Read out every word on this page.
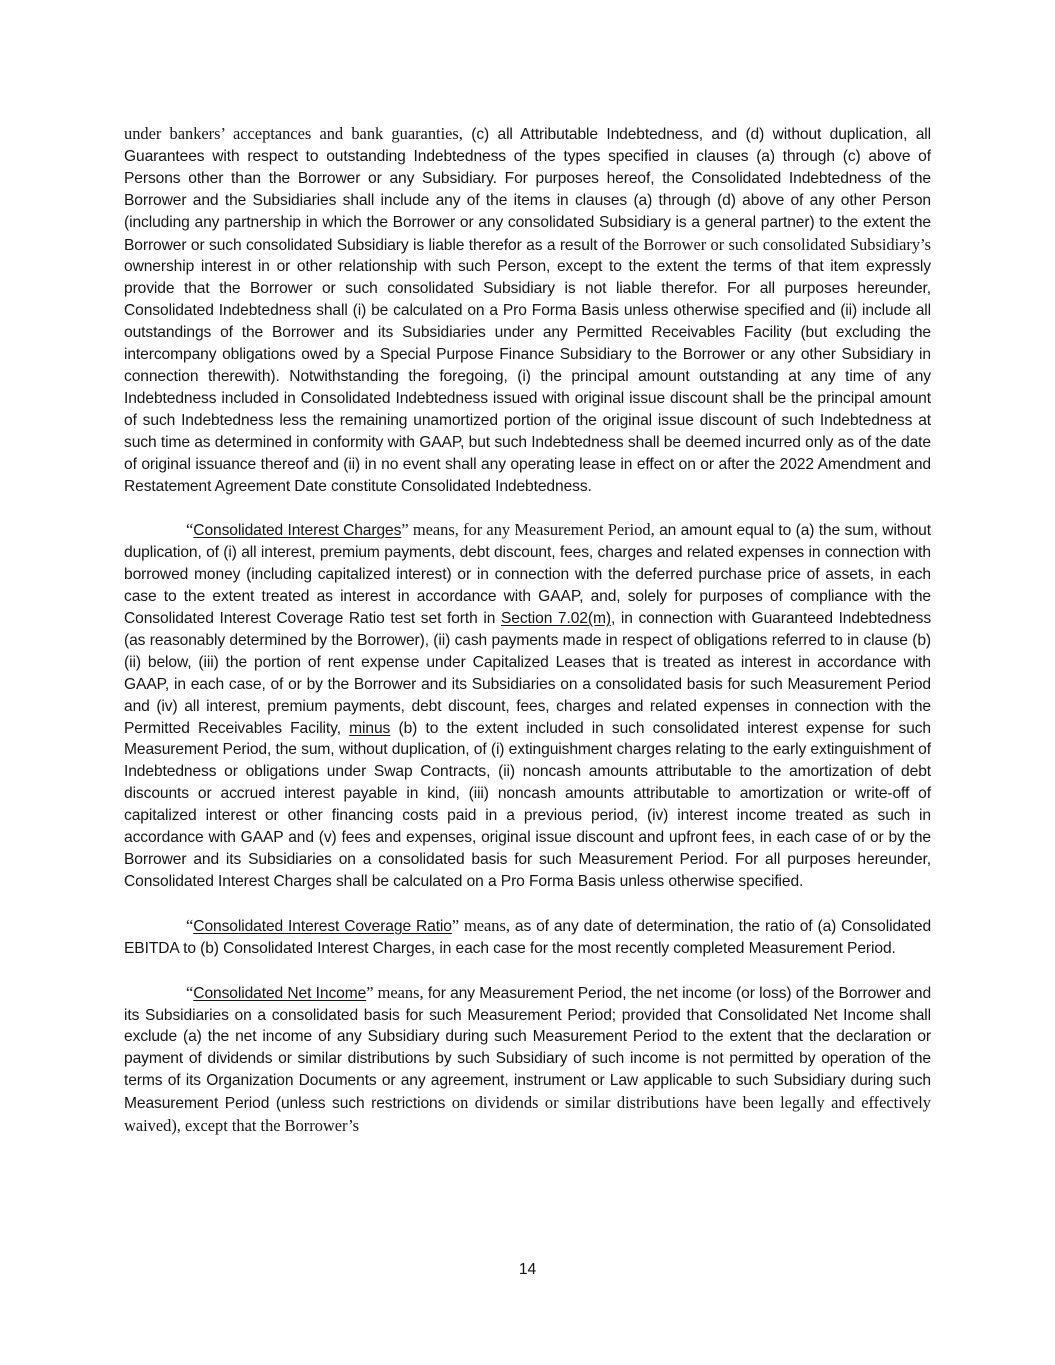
under bankers’ acceptances and bank guaranties, (c) all Attributable Indebtedness, and (d) without duplication, all Guarantees with respect to outstanding Indebtedness of the types specified in clauses (a) through (c) above of Persons other than the Borrower or any Subsidiary. For purposes hereof, the Consolidated Indebtedness of the Borrower and the Subsidiaries shall include any of the items in clauses (a) through (d) above of any other Person (including any partnership in which the Borrower or any consolidated Subsidiary is a general partner) to the extent the Borrower or such consolidated Subsidiary is liable therefor as a result of the Borrower or such consolidated Subsidiary’s ownership interest in or other relationship with such Person, except to the extent the terms of that item expressly provide that the Borrower or such consolidated Subsidiary is not liable therefor. For all purposes hereunder, Consolidated Indebtedness shall (i) be calculated on a Pro Forma Basis unless otherwise specified and (ii) include all outstandings of the Borrower and its Subsidiaries under any Permitted Receivables Facility (but excluding the intercompany obligations owed by a Special Purpose Finance Subsidiary to the Borrower or any other Subsidiary in connection therewith). Notwithstanding the foregoing, (i) the principal amount outstanding at any time of any Indebtedness included in Consolidated Indebtedness issued with original issue discount shall be the principal amount of such Indebtedness less the remaining unamortized portion of the original issue discount of such Indebtedness at such time as determined in conformity with GAAP, but such Indebtedness shall be deemed incurred only as of the date of original issuance thereof and (ii) in no event shall any operating lease in effect on or after the 2022 Amendment and Restatement Agreement Date constitute Consolidated Indebtedness.

“Consolidated Interest Charges” means, for any Measurement Period, an amount equal to (a) the sum, without duplication, of (i) all interest, premium payments, debt discount, fees, charges and related expenses in connection with borrowed money (including capitalized interest) or in connection with the deferred purchase price of assets, in each case to the extent treated as interest in accordance with GAAP, and, solely for purposes of compliance with the Consolidated Interest Coverage Ratio test set forth in Section 7.02(m), in connection with Guaranteed Indebtedness (as reasonably determined by the Borrower), (ii) cash payments made in respect of obligations referred to in clause (b)(ii) below, (iii) the portion of rent expense under Capitalized Leases that is treated as interest in accordance with GAAP, in each case, of or by the Borrower and its Subsidiaries on a consolidated basis for such Measurement Period and (iv) all interest, premium payments, debt discount, fees, charges and related expenses in connection with the Permitted Receivables Facility, minus (b) to the extent included in such consolidated interest expense for such Measurement Period, the sum, without duplication, of (i) extinguishment charges relating to the early extinguishment of Indebtedness or obligations under Swap Contracts, (ii) noncash amounts attributable to the amortization of debt discounts or accrued interest payable in kind, (iii) noncash amounts attributable to amortization or write-off of capitalized interest or other financing costs paid in a previous period, (iv) interest income treated as such in accordance with GAAP and (v) fees and expenses, original issue discount and upfront fees, in each case of or by the Borrower and its Subsidiaries on a consolidated basis for such Measurement Period. For all purposes hereunder, Consolidated Interest Charges shall be calculated on a Pro Forma Basis unless otherwise specified.

“Consolidated Interest Coverage Ratio” means, as of any date of determination, the ratio of (a) Consolidated EBITDA to (b) Consolidated Interest Charges, in each case for the most recently completed Measurement Period.

“Consolidated Net Income” means, for any Measurement Period, the net income (or loss) of the Borrower and its Subsidiaries on a consolidated basis for such Measurement Period; provided that Consolidated Net Income shall exclude (a) the net income of any Subsidiary during such Measurement Period to the extent that the declaration or payment of dividends or similar distributions by such Subsidiary of such income is not permitted by operation of the terms of its Organization Documents or any agreement, instrument or Law applicable to such Subsidiary during such Measurement Period (unless such restrictions on dividends or similar distributions have been legally and effectively waived), except that the Borrower’s

14
